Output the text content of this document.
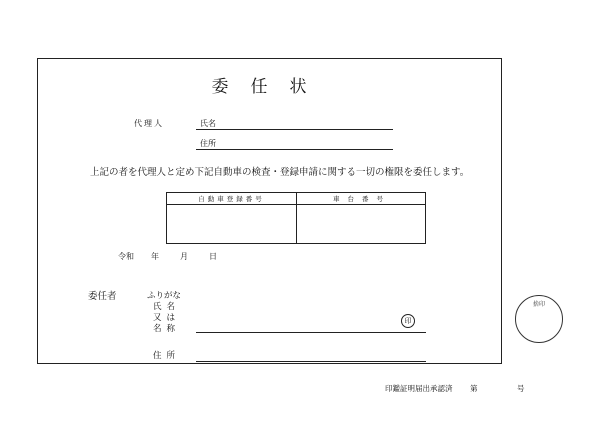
委任状
代理人	氏名
住所
上記の者を代理人と定め下記自動車の検査・登録申請に関する一切の権限を委任します。
自動車登録番号	車台番号
令和 年	月	日
委任者	ふりがな
氏名
又は
名称
印
住所
捨印
印鑑証明届出承認済 第	号
